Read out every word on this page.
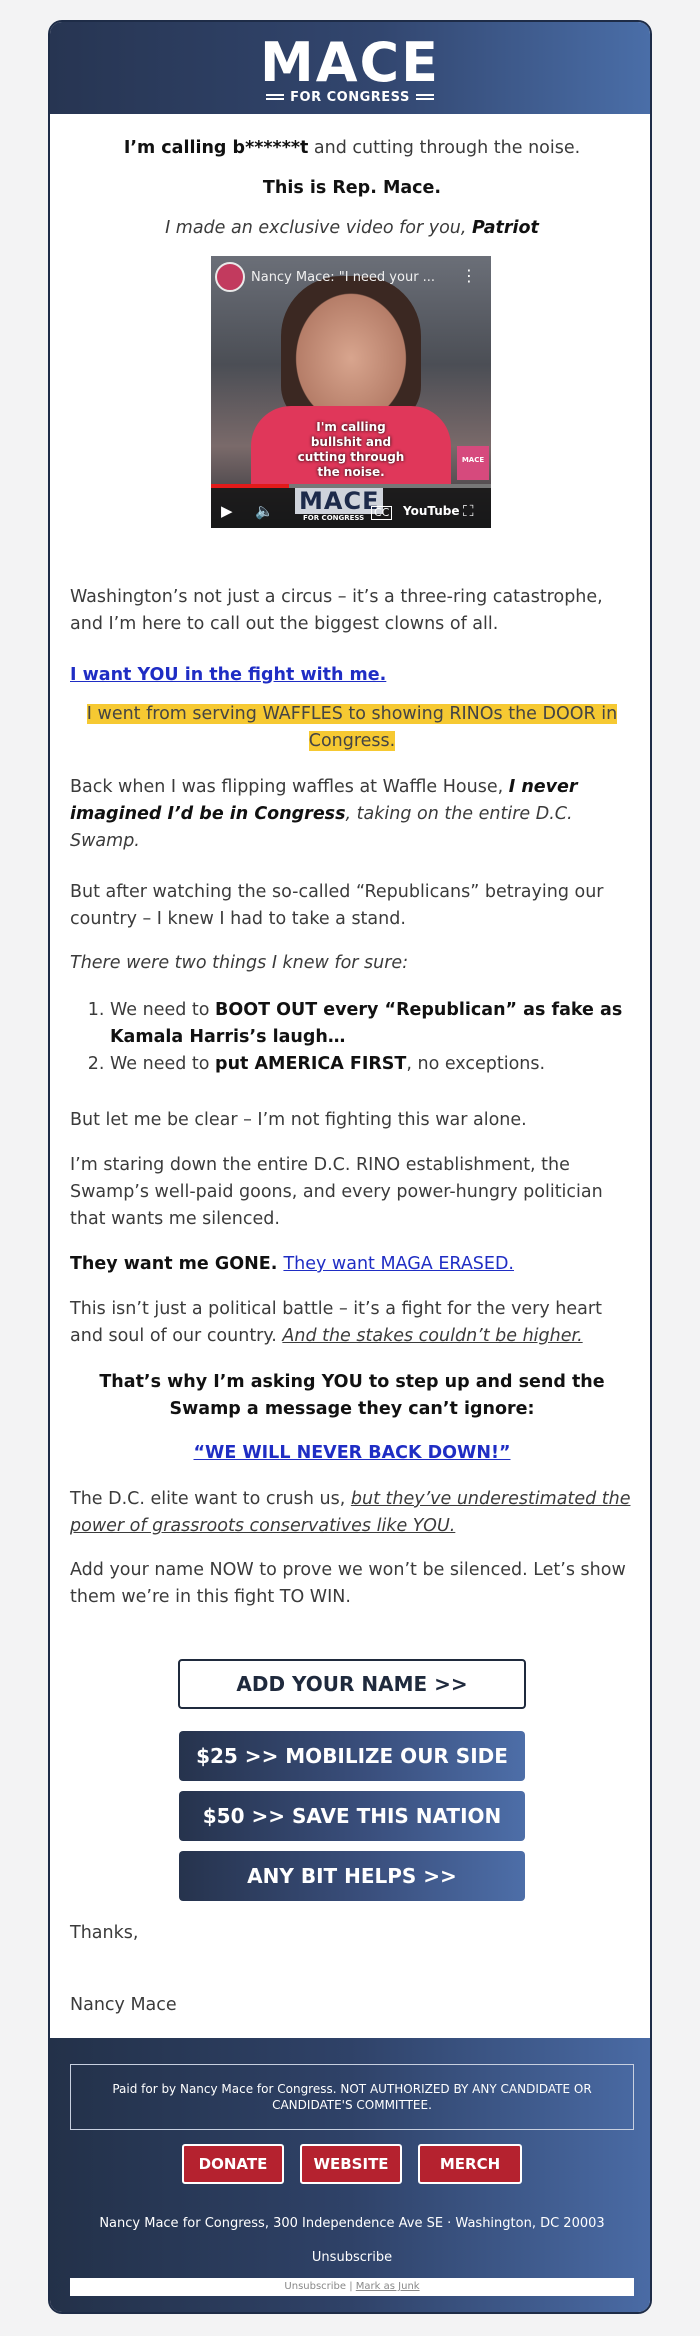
MACE
FOR CONGRESS
I’m calling b******t and cutting through the noise.
This is Rep. Mace.
I made an exclusive video for you, Patriot
Nancy Mace: "I need your ... ⋮
I'm calling bullshit and cutting through the noise.
MACE
MACE
FOR CONGRESS
▶ 🔈	CC YouTube ⛶

Washington’s not just a circus – it’s a three-ring catastrophe, and I’m here to call out the biggest clowns of all.

I want YOU in the fight with me.

I went from serving WAFFLES to showing RINOs the DOOR in Congress.

Back when I was flipping waffles at Waffle House, I never imagined I’d be in Congress, taking on the entire D.C. Swamp.

But after watching the so-called “Republicans” betraying our country – I knew I had to take a stand.

There were two things I knew for sure:

1. We need to BOOT OUT every “Republican” as fake as Kamala Harris’s laugh…
2. We need to put AMERICA FIRST, no exceptions.

But let me be clear – I’m not fighting this war alone.

I’m staring down the entire D.C. RINO establishment, the Swamp’s well-paid goons, and every power-hungry politician that wants me silenced.

They want me GONE. They want MAGA ERASED.

This isn’t just a political battle – it’s a fight for the very heart and soul of our country. And the stakes couldn’t be higher.

That’s why I’m asking YOU to step up and send the Swamp a message they can’t ignore:

“WE WILL NEVER BACK DOWN!”

The D.C. elite want to crush us, but they’ve underestimated the power of grassroots conservatives like YOU.

Add your name NOW to prove we won’t be silenced. Let’s show them we’re in this fight TO WIN.

ADD YOUR NAME >>
$25 >> MOBILIZE OUR SIDE
$50 >> SAVE THIS NATION
ANY BIT HELPS >>

Thanks,

Nancy Mace

Paid for by Nancy Mace for Congress. NOT AUTHORIZED BY ANY CANDIDATE OR CANDIDATE'S COMMITTEE.
DONATE	WEBSITE	MERCH
Nancy Mace for Congress, 300 Independence Ave SE · Washington, DC 20003
Unsubscribe
Unsubscribe | Mark as Junk
